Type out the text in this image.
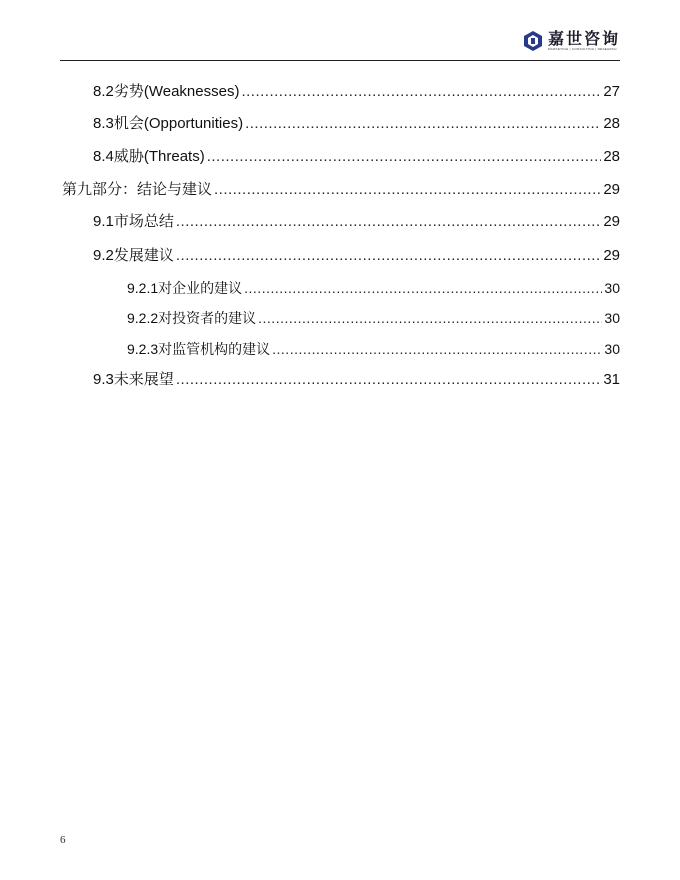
嘉世咨询
MARKETING | CONSULTING | RESEARCH
8.2 劣势(Weaknesses) .....	27
8.3 机会(Opportunities) .....	28
8.4 威胁(Threats) .....	28
第九部分：结论与建议 .....	29
9.1 市场总结 .....	29
9.2 发展建议 .....	29
9.2.1 对企业的建议 .....	30
9.2.2 对投资者的建议 .....	30
9.2.3 对监管机构的建议 .....	30
9.3 未来展望 .....	31
6
